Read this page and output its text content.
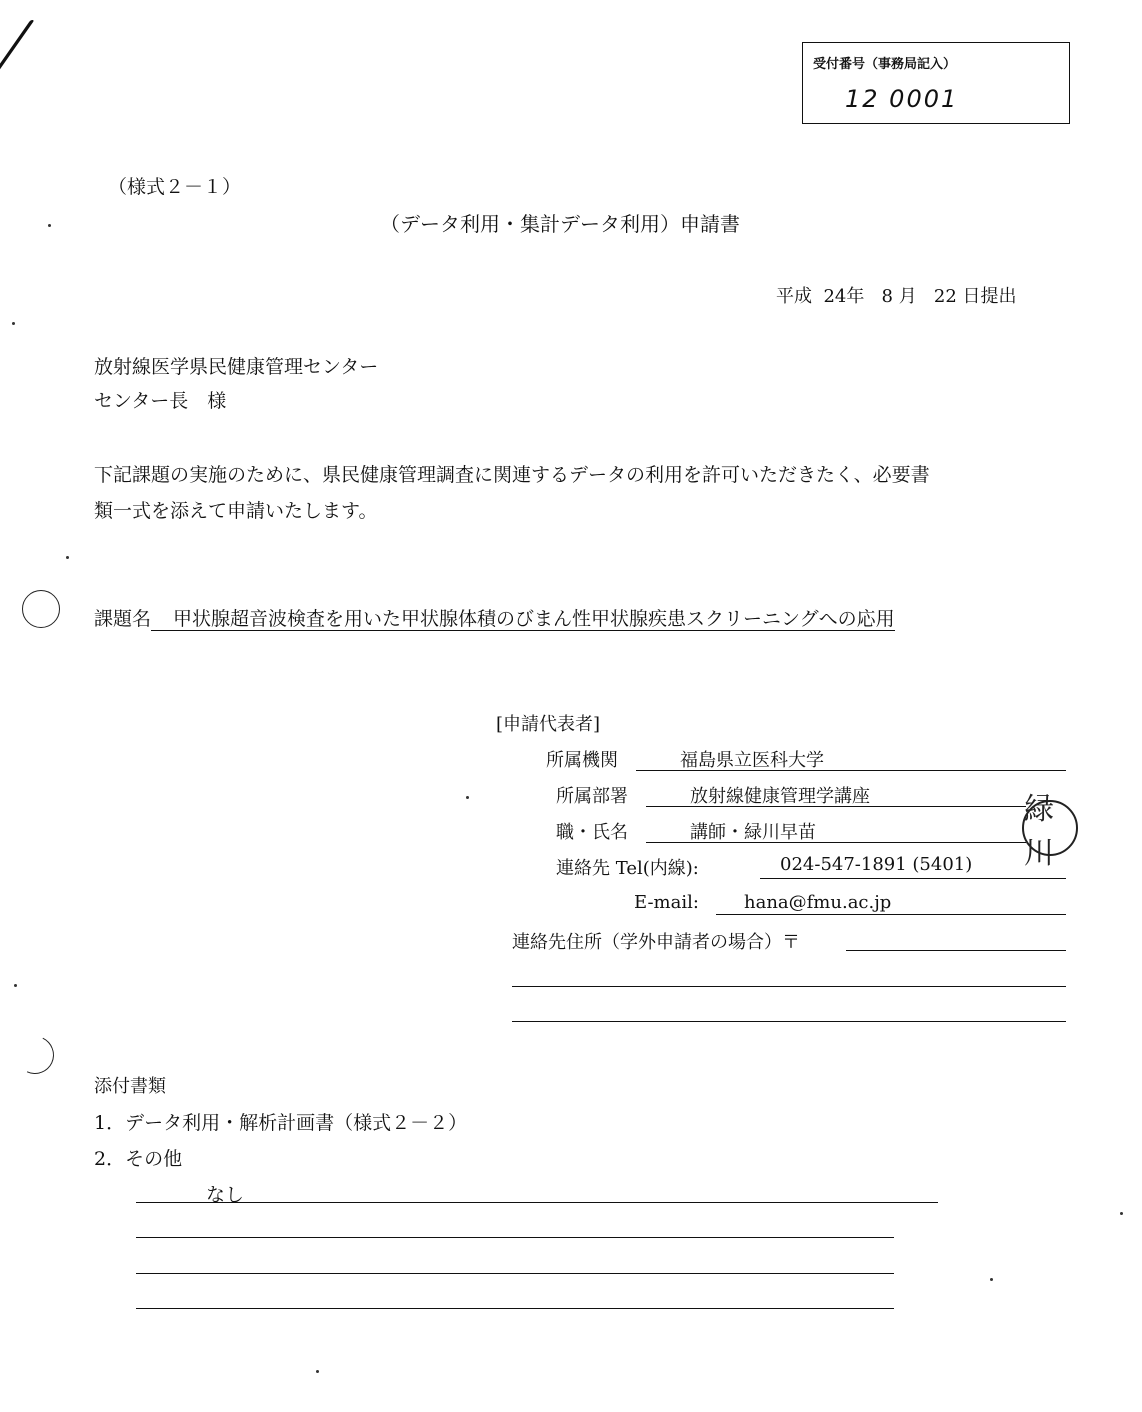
受付番号（事務局記入）
12 0001
（様式２－１）
（データ利用・集計データ利用）申請書
平成 24年 8 月 22 日提出
放射線医学県民健康管理センター
センター長　様
下記課題の実施のために、県民健康管理調査に関連するデータの利用を許可いただきたく、必要書
類一式を添えて申請いたします。
課題名 甲状腺超音波検査を用いた甲状腺体積のびまん性甲状腺疾患スクリーニングへの応用
[申請代表者]
所属機関	福島県立医科大学
所属部署	放射線健康管理学講座
職・氏名	講師・緑川早苗
緑川
連絡先 Tel(内線):	024-547-1891 (5401)
E-mail:	hana@fmu.ac.jp
連絡先住所（学外申請者の場合）〒
添付書類
1．データ利用・解析計画書（様式２－２）
2．その他
なし
